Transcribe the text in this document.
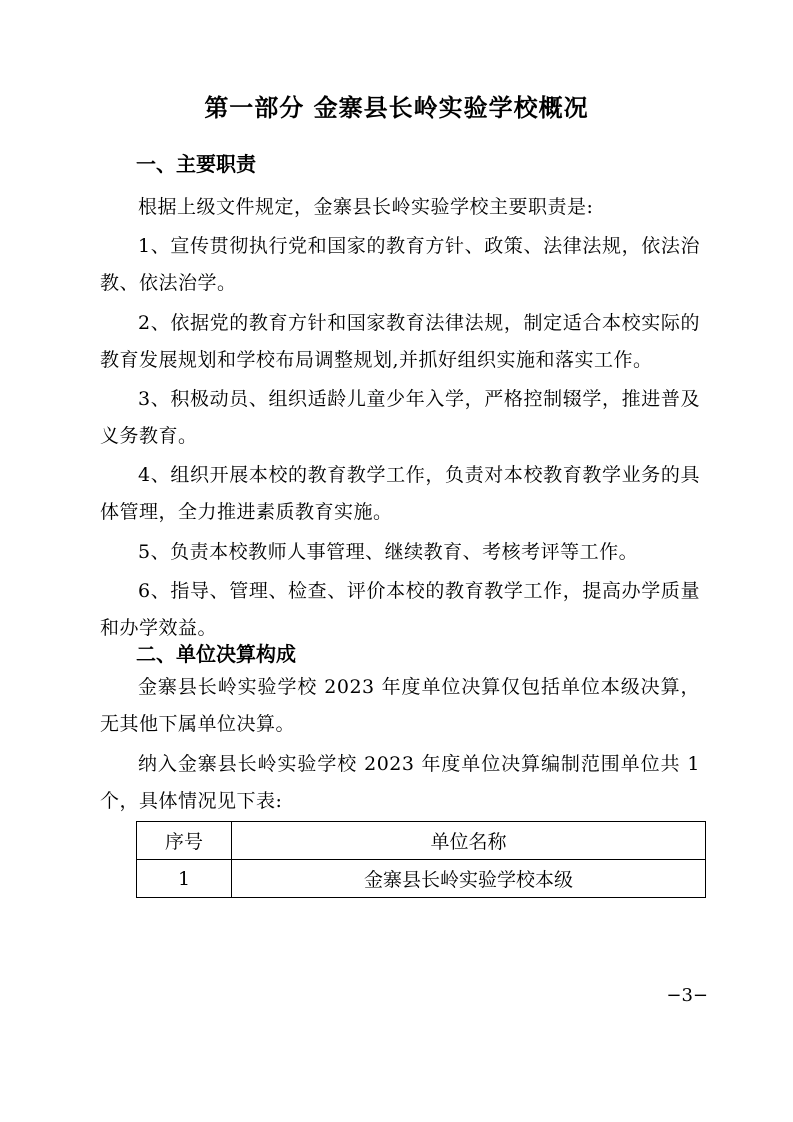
第一部分 金寨县长岭实验学校概况
一、主要职责

根据上级文件规定，金寨县长岭实验学校主要职责是:

1、宣传贯彻执行党和国家的教育方针、政策、法律法规，依法治教、依法治学。

2、依据党的教育方针和国家教育法律法规，制定适合本校实际的教育发展规划和学校布局调整规划,并抓好组织实施和落实工作。

3、积极动员、组织适龄儿童少年入学，严格控制辍学，推进普及义务教育。

4、组织开展本校的教育教学工作，负责对本校教育教学业务的具体管理，全力推进素质教育实施。

5、负责本校教师人事管理、继续教育、考核考评等工作。

6、指导、管理、检查、评价本校的教育教学工作，提高办学质量和办学效益。

二、单位决算构成

金寨县长岭实验学校 2023 年度单位决算仅包括单位本级决算，无其他下属单位决算。

纳入金寨县长岭实验学校 2023 年度单位决算编制范围单位共 1 个，具体情况见下表:

序号	单位名称
1	金寨县长岭实验学校本级
−3−
